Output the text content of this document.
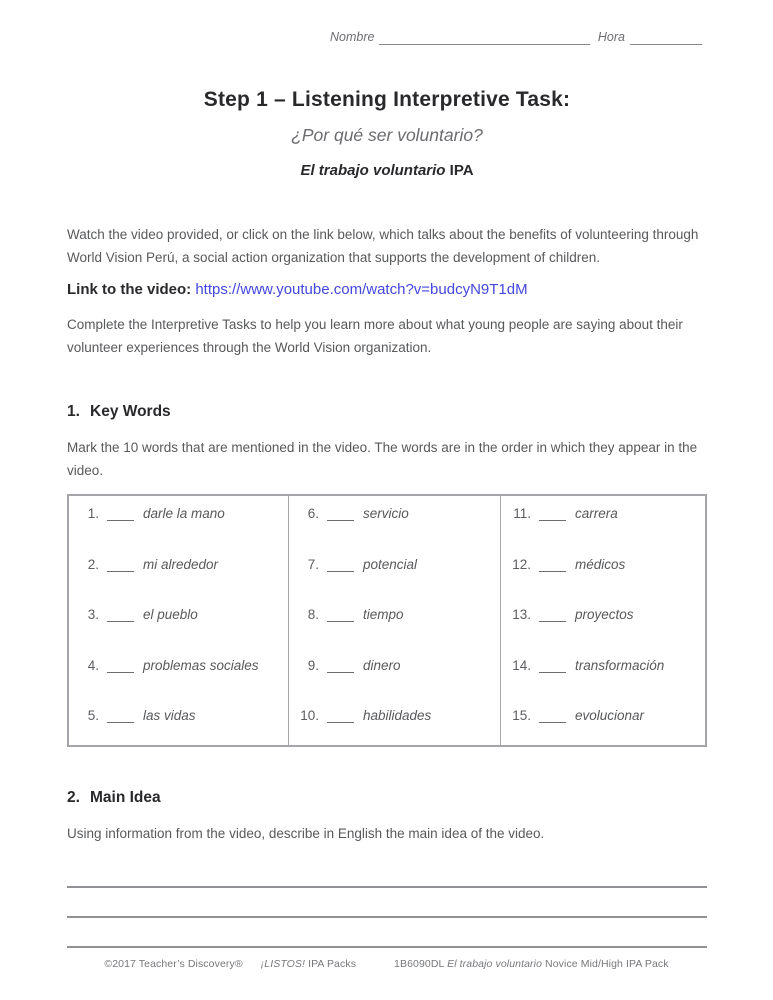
Nombre	Hora
Step 1 – Listening Interpretive Task:
¿Por qué ser voluntario?
El trabajo voluntario IPA
Watch the video provided, or click on the link below, which talks about the benefits of volunteering through World Vision Perú, a social action organization that supports the development of children.
Link to the video: https://www.youtube.com/watch?v=budcyN9T1dM
Complete the Interpretive Tasks to help you learn more about what young people are saying about their volunteer experiences through the World Vision organization.
1. Key Words
Mark the 10 words that are mentioned in the video. The words are in the order in which they appear in the video.
1.	darle la mano
2.	mi alrededor
3.	el pueblo
4.	problemas sociales
5.	las vidas
6.	servicio
7.	potencial
8.	tiempo
9.	dinero
10.	habilidades
11.	carrera
12.	médicos
13.	proyectos
14.	transformación
15.	evolucionar
2. Main Idea
Using information from the video, describe in English the main idea of the video.
©2017 Teacher’s Discovery® ¡LISTOS! IPA Packs	1B6090DL El trabajo voluntario Novice Mid/High IPA Pack
